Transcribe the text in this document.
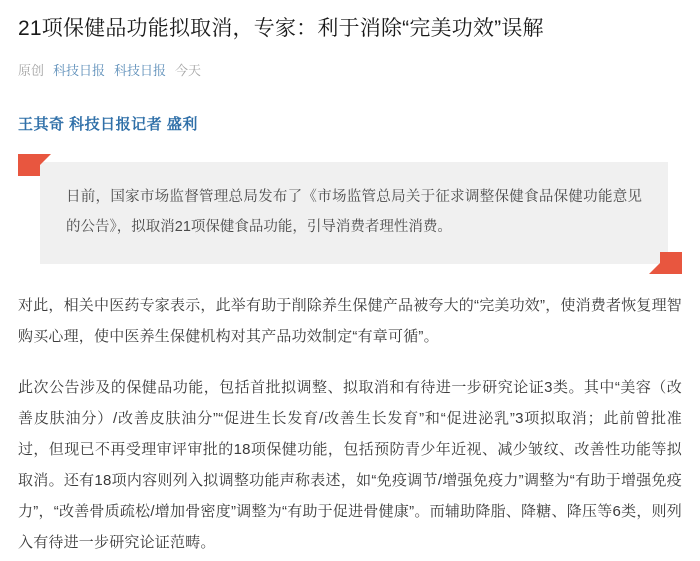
21项保健品功能拟取消，专家：利于消除“完美功效”误解
原创 科技日报 科技日报 今天
王其奇 科技日报记者 盛利
日前，国家市场监督管理总局发布了《市场监管总局关于征求调整保健食品保健功能意见的公告》，拟取消21项保健食品功能，引导消费者理性消费。

对此，相关中医药专家表示，此举有助于削除养生保健产品被夸大的“完美功效”，使消费者恢复理智购买心理，使中医养生保健机构对其产品功效制定“有章可循”。

此次公告涉及的保健品功能，包括首批拟调整、拟取消和有待进一步研究论证3类。其中“美容（改善皮肤油分）/改善皮肤油分”“促进生长发育/改善生长发育”和“促进泌乳”3项拟取消；此前曾批准过，但现已不再受理审评审批的18项保健功能，包括预防青少年近视、减少皱纹、改善性功能等拟取消。还有18项内容则列入拟调整功能声称表述，如“免疫调节/增强免疫力”调整为“有助于增强免疫力”，“改善骨质疏松/增加骨密度”调整为“有助于促进骨健康”。而辅助降脂、降糖、降压等6类，则列入有待进一步研究论证范畴。
